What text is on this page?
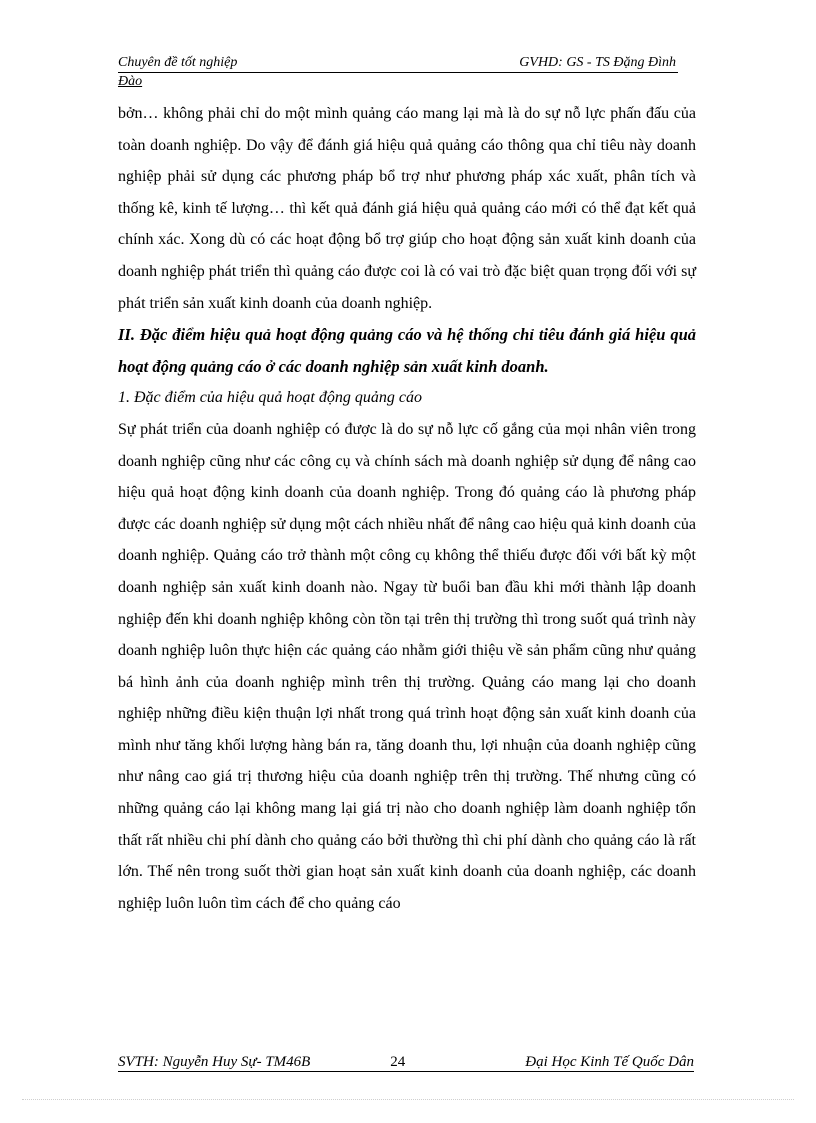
Chuyên đề tốt nghiệp	GVHD: GS - TS Đặng Đình
Đào

bởn… không phải chỉ do một mình quảng cáo mang lại mà là do sự nỗ lực phấn đấu của toàn doanh nghiệp. Do vậy để đánh giá hiệu quả quảng cáo thông qua chỉ tiêu này doanh nghiệp phải sử dụng các phương pháp bổ trợ như phương pháp xác xuất, phân tích và thống kê, kinh tế lượng… thì kết quả đánh giá hiệu quả quảng cáo mới có thể đạt kết quả chính xác. Xong dù có các hoạt động bổ trợ giúp cho hoạt động sản xuất kinh doanh của doanh nghiệp phát triển thì quảng cáo được coi là có vai trò đặc biệt quan trọng đối với sự phát triển sản xuất kinh doanh của doanh nghiệp.

II. Đặc điểm hiệu quả hoạt động quảng cáo và hệ thống chỉ tiêu đánh giá hiệu quả hoạt động quảng cáo ở các doanh nghiệp sản xuất kinh doanh.

1. Đặc điểm của hiệu quả hoạt động quảng cáo

Sự phát triển của doanh nghiệp có được là do sự nỗ lực cố gắng của mọi nhân viên trong doanh nghiệp cũng như các công cụ và chính sách mà doanh nghiệp sử dụng để nâng cao hiệu quả hoạt động kinh doanh của doanh nghiệp. Trong đó quảng cáo là phương pháp được các doanh nghiệp sử dụng một cách nhiều nhất để nâng cao hiệu quả kinh doanh của doanh nghiệp. Quảng cáo trở thành một công cụ không thể thiếu được đối với bất kỳ một doanh nghiệp sản xuất kinh doanh nào. Ngay từ buổi ban đầu khi mới thành lập doanh nghiệp đến khi doanh nghiệp không còn tồn tại trên thị trường thì trong suốt quá trình này doanh nghiệp luôn thực hiện các quảng cáo nhằm giới thiệu về sản phẩm cũng như quảng bá hình ảnh của doanh nghiệp mình trên thị trường. Quảng cáo mang lại cho doanh nghiệp những điều kiện thuận lợi nhất trong quá trình hoạt động sản xuất kinh doanh của mình như tăng khối lượng hàng bán ra, tăng doanh thu, lợi nhuận của doanh nghiệp cũng như nâng cao giá trị thương hiệu của doanh nghiệp trên thị trường. Thế nhưng cũng có những quảng cáo lại không mang lại giá trị nào cho doanh nghiệp làm doanh nghiệp tổn thất rất nhiều chi phí dành cho quảng cáo bởi thường thì chi phí dành cho quảng cáo là rất lớn. Thế nên trong suốt thời gian hoạt sản xuất kinh doanh của doanh nghiệp, các doanh nghiệp luôn luôn tìm cách để cho quảng cáo

SVTH: Nguyễn Huy Sự- TM46B	24	Đại Học Kinh Tế Quốc Dân
